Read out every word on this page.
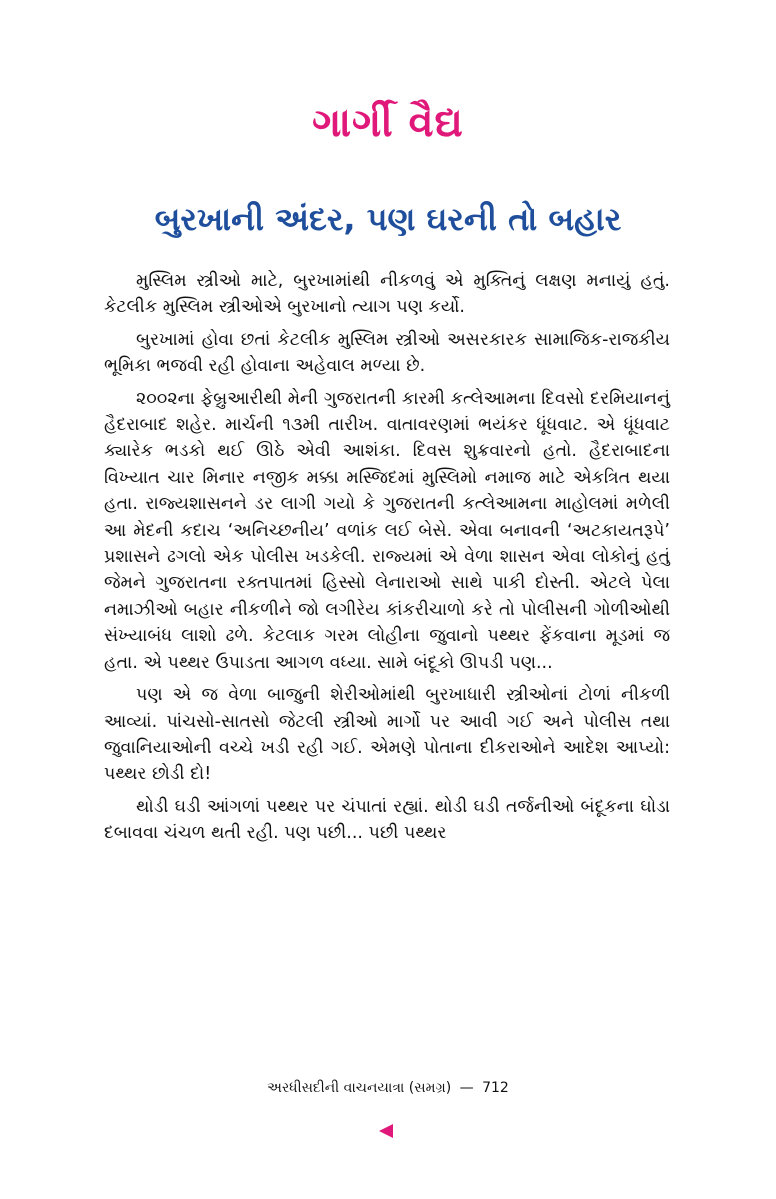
ગાર્ગી વૈદ્ય
બુરખાની અંદર, પણ ઘરની તો બહાર

મુસ્લિમ સ્ત્રીઓ માટે, બુરખામાંથી નીકળવું એ મુક્તિનું લક્ષણ મનાયું હતું. કેટલીક મુસ્લિમ સ્ત્રીઓએ બુરખાનો ત્યાગ પણ કર્યો.

બુરખામાં હોવા છતાં કેટલીક મુસ્લિમ સ્ત્રીઓ અસરકારક સામાજિક-રાજકીય ભૂમિકા ભજવી રહી હોવાના અહેવાલ મળ્યા છે.

૨૦૦૨ના ફેબ્રુઆરીથી મેની ગુજરાતની કારમી કત્લેઆમના દિવસો દરમિયાનનું હૈદરાબાદ શહેર. માર્ચની ૧૩મી તારીખ. વાતાવરણમાં ભયંકર ધૂંધવાટ. એ ધૂંધવાટ ક્યારેક ભડકો થઈ ઊઠે એવી આશંકા. દિવસ શુક્રવારનો હતો. હૈદરાબાદના વિખ્યાત ચાર મિનાર નજીક મક્કા મસ્જિદમાં મુસ્લિમો નમાજ માટે એકત્રિત થયા હતા. રાજ્યશાસનને ડર લાગી ગયો કે ગુજરાતની કત્લેઆમના માહોલમાં મળેલી આ મેદની કદાચ ‘અનિચ્છનીય’ વળાંક લઈ બેસે. એવા બનાવની ‘અટકાયતરૂપે’ પ્રશાસને ઢગલો એક પોલીસ ખડકેલી. રાજ્યમાં એ વેળા શાસન એવા લોકોનું હતું જેમને ગુજરાતના રક્તપાતમાં હિસ્સો લેનારાઓ સાથે પાકી દોસ્તી. એટલે પેલા નમાઝીઓ બહાર નીકળીને જો લગીરેય કાંકરીચાળો કરે તો પોલીસની ગોળીઓથી સંખ્યાબંધ લાશો ઢળે. કેટલાક ગરમ લોહીના જુવાનો પથ્થર ફેંકવાના મૂડમાં જ હતા. એ પથ્થર ઉપાડતા આગળ વધ્યા. સામે બંદૂકો ઊપડી પણ...

પણ એ જ વેળા બાજુની શેરીઓમાંથી બુરખાધારી સ્ત્રીઓનાં ટોળાં નીકળી આવ્યાં. પાંચસો-સાતસો જેટલી સ્ત્રીઓ માર્ગો પર આવી ગઈ અને પોલીસ તથા જુવાનિયાઓની વચ્ચે ખડી રહી ગઈ. એમણે પોતાના દીકરાઓને આદેશ આપ્યો: પથ્થર છોડી દો!

થોડી ઘડી આંગળાં પથ્થર પર ચંપાતાં રહ્યાં. થોડી ઘડી તર્જનીઓ બંદૂકના ઘોડા દબાવવા ચંચળ થતી રહી. પણ પછી... પછી પથ્થર

અરધીસદીની વાચનયાત્રા (સમગ્ર) — 712
